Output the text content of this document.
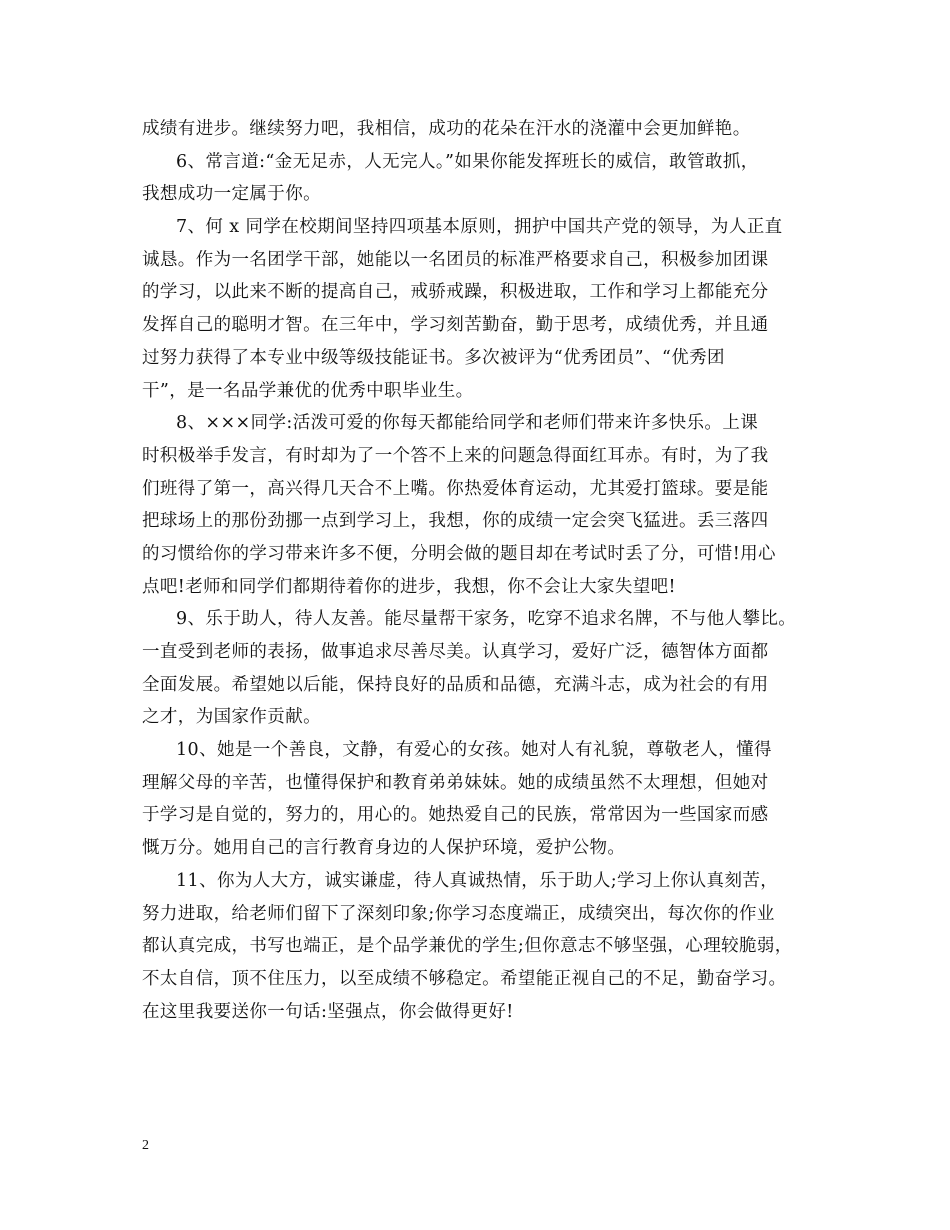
成绩有进步。继续努力吧，我相信，成功的花朵在汗水的浇灌中会更加鲜艳。
6、常言道:“金无足赤，人无完人。”如果你能发挥班长的威信，敢管敢抓，
我想成功一定属于你。
7、何 x 同学在校期间坚持四项基本原则，拥护中国共产党的领导，为人正直
诚恳。作为一名团学干部，她能以一名团员的标准严格要求自己，积极参加团课
的学习，以此来不断的提高自己，戒骄戒躁，积极进取，工作和学习上都能充分
发挥自己的聪明才智。在三年中，学习刻苦勤奋，勤于思考，成绩优秀，并且通
过努力获得了本专业中级等级技能证书。多次被评为“优秀团员”、“优秀团
干”，是一名品学兼优的优秀中职毕业生。
8、×××同学:活泼可爱的你每天都能给同学和老师们带来许多快乐。上课
时积极举手发言，有时却为了一个答不上来的问题急得面红耳赤。有时，为了我
们班得了第一，高兴得几天合不上嘴。你热爱体育运动，尤其爱打篮球。要是能
把球场上的那份劲挪一点到学习上，我想，你的成绩一定会突飞猛进。丢三落四
的习惯给你的学习带来许多不便，分明会做的题目却在考试时丢了分，可惜!用心
点吧!老师和同学们都期待着你的进步，我想，你不会让大家失望吧!
9、乐于助人，待人友善。能尽量帮干家务，吃穿不追求名牌，不与他人攀比。
一直受到老师的表扬，做事追求尽善尽美。认真学习，爱好广泛，德智体方面都
全面发展。希望她以后能，保持良好的品质和品德，充满斗志，成为社会的有用
之才，为国家作贡献。
10、她是一个善良，文静，有爱心的女孩。她对人有礼貌，尊敬老人，懂得
理解父母的辛苦，也懂得保护和教育弟弟妹妹。她的成绩虽然不太理想，但她对
于学习是自觉的，努力的，用心的。她热爱自己的民族，常常因为一些国家而感
慨万分。她用自己的言行教育身边的人保护环境，爱护公物。
11、你为人大方，诚实谦虚，待人真诚热情，乐于助人;学习上你认真刻苦，
努力进取，给老师们留下了深刻印象;你学习态度端正，成绩突出，每次你的作业
都认真完成，书写也端正，是个品学兼优的学生;但你意志不够坚强，心理较脆弱，
不太自信，顶不住压力，以至成绩不够稳定。希望能正视自己的不足，勤奋学习。
在这里我要送你一句话:坚强点，你会做得更好!
2
